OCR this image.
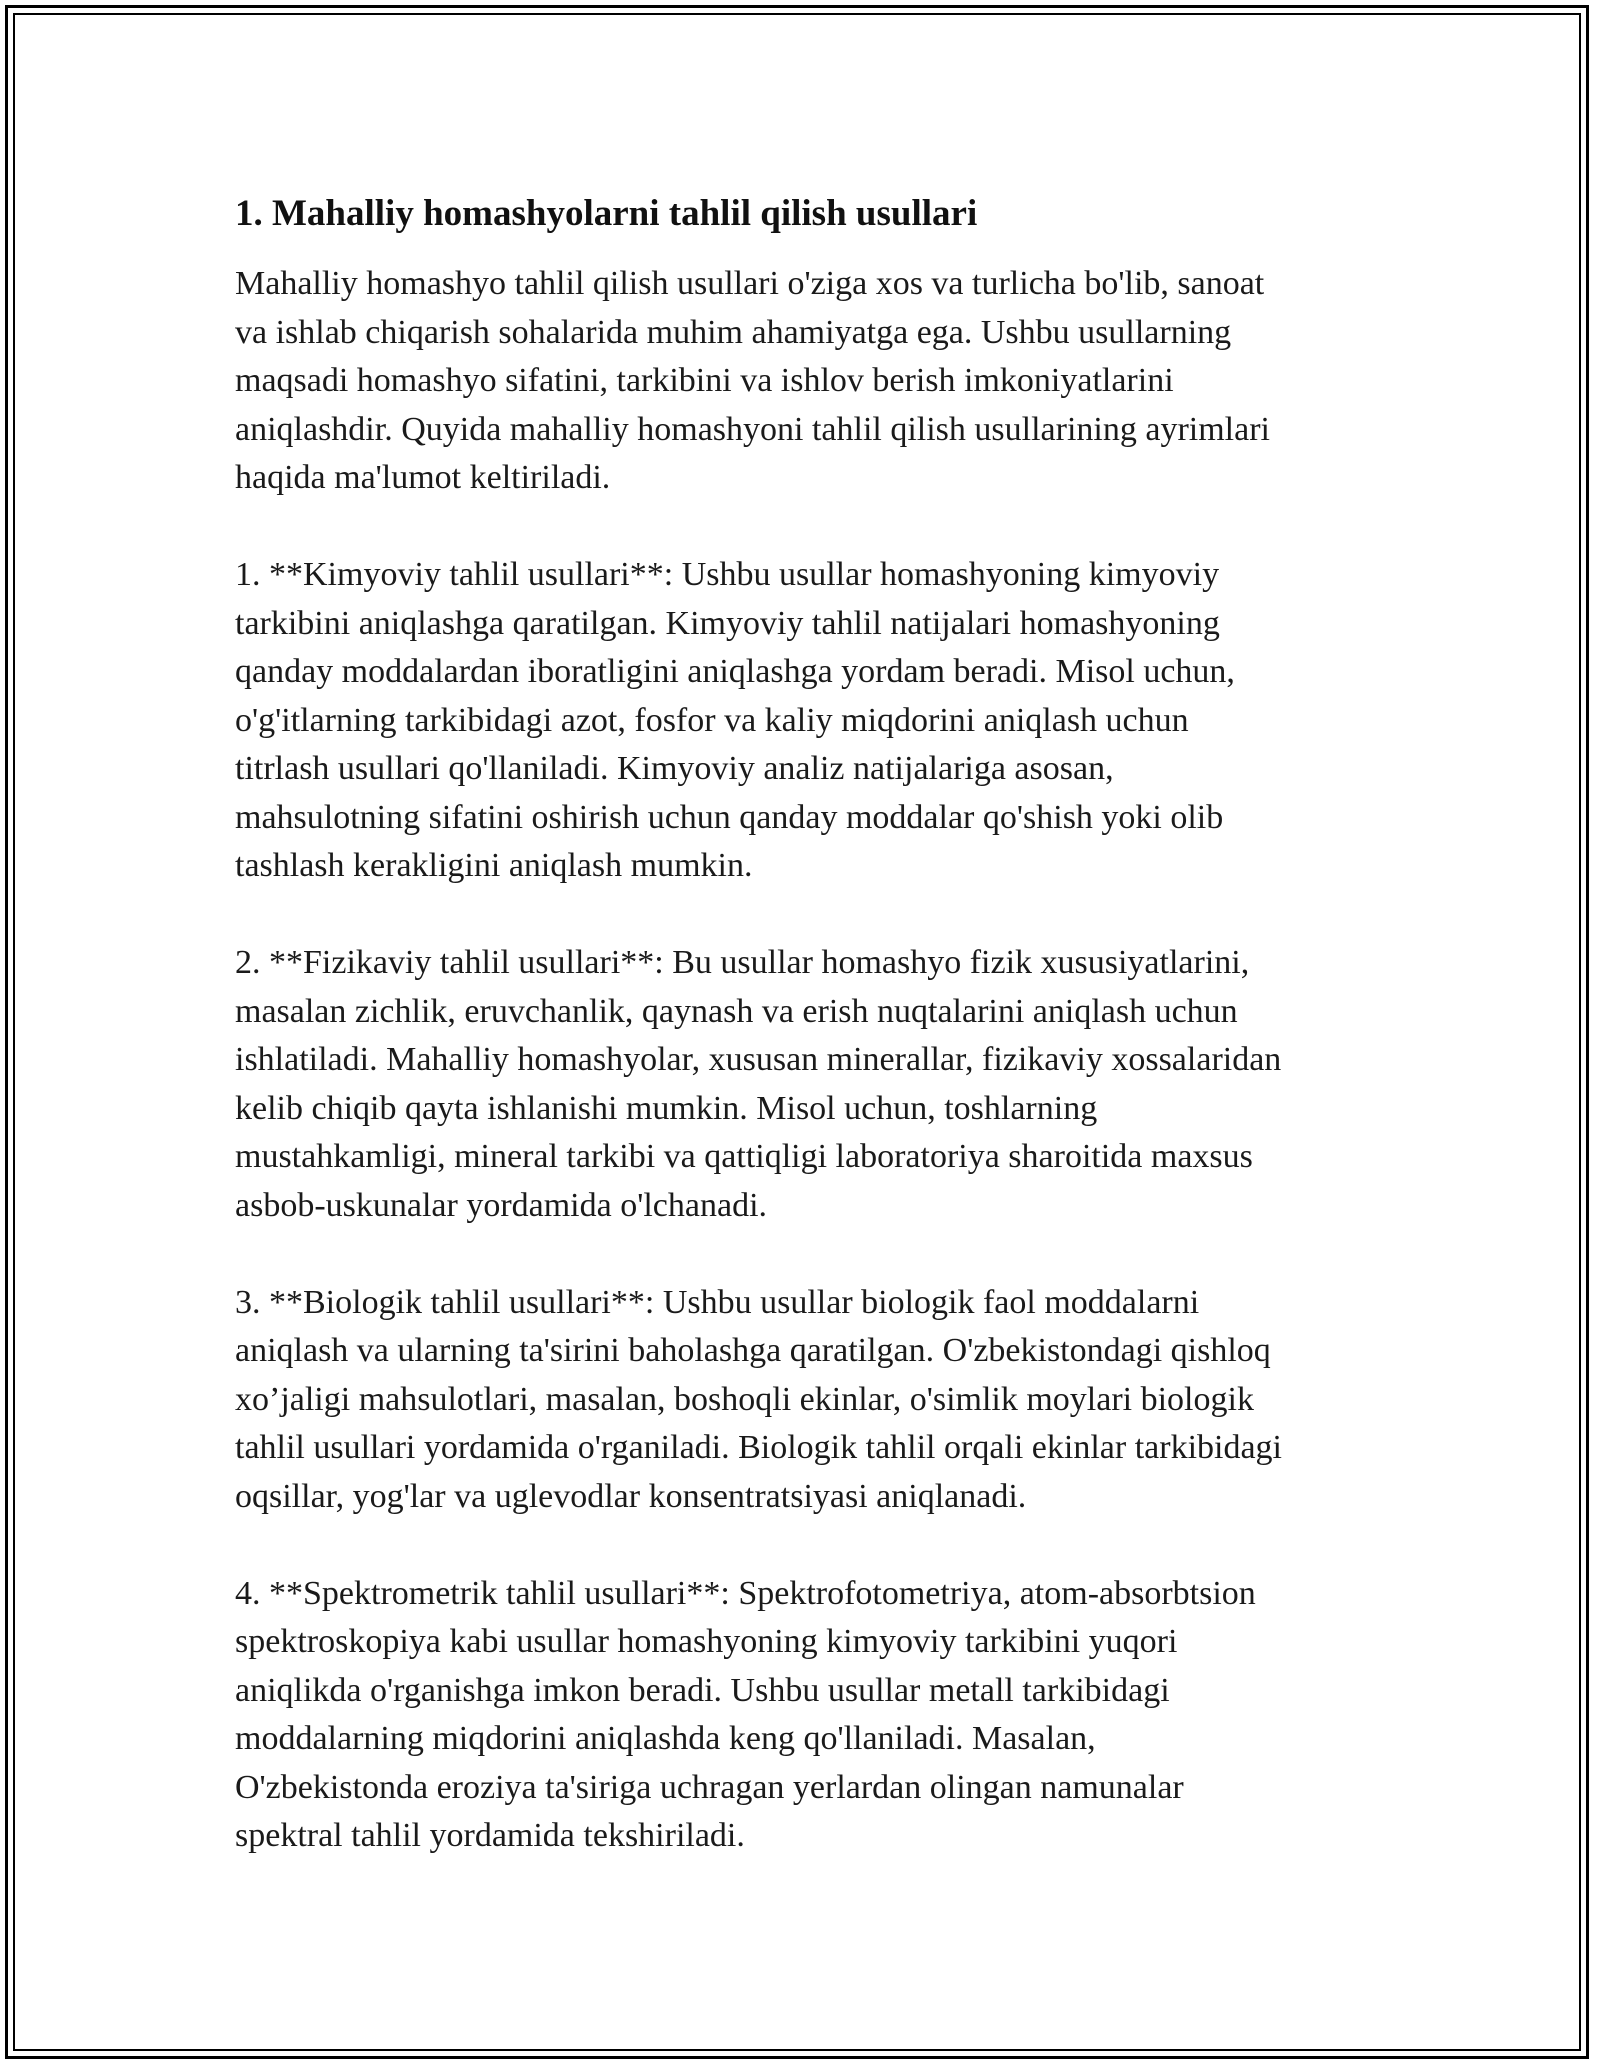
1. Mahalliy homashyolarni tahlil qilish usullari

Mahalliy homashyo tahlil qilish usullari o'ziga xos va turlicha bo'lib, sanoat
va ishlab chiqarish sohalarida muhim ahamiyatga ega. Ushbu usullarning
maqsadi homashyo sifatini, tarkibini va ishlov berish imkoniyatlarini
aniqlashdir. Quyida mahalliy homashyoni tahlil qilish usullarining ayrimlari
haqida ma'lumot keltiriladi.

1. **Kimyoviy tahlil usullari**: Ushbu usullar homashyoning kimyoviy
tarkibini aniqlashga qaratilgan. Kimyoviy tahlil natijalari homashyoning
qanday moddalardan iboratligini aniqlashga yordam beradi. Misol uchun,
o'g'itlarning tarkibidagi azot, fosfor va kaliy miqdorini aniqlash uchun
titrlash usullari qo'llaniladi. Kimyoviy analiz natijalariga asosan,
mahsulotning sifatini oshirish uchun qanday moddalar qo'shish yoki olib
tashlash kerakligini aniqlash mumkin.

2. **Fizikaviy tahlil usullari**: Bu usullar homashyo fizik xususiyatlarini,
masalan zichlik, eruvchanlik, qaynash va erish nuqtalarini aniqlash uchun
ishlatiladi. Mahalliy homashyolar, xususan minerallar, fizikaviy xossalaridan
kelib chiqib qayta ishlanishi mumkin. Misol uchun, toshlarning
mustahkamligi, mineral tarkibi va qattiqligi laboratoriya sharoitida maxsus
asbob-uskunalar yordamida o'lchanadi.

3. **Biologik tahlil usullari**: Ushbu usullar biologik faol moddalarni
aniqlash va ularning ta'sirini baholashga qaratilgan. O'zbekistondagi qishloq
xo’jaligi mahsulotlari, masalan, boshoqli ekinlar, o'simlik moylari biologik
tahlil usullari yordamida o'rganiladi. Biologik tahlil orqali ekinlar tarkibidagi
oqsillar, yog'lar va uglevodlar konsentratsiyasi aniqlanadi.

4. **Spektrometrik tahlil usullari**: Spektrofotometriya, atom-absorbtsion
spektroskopiya kabi usullar homashyoning kimyoviy tarkibini yuqori
aniqlikda o'rganishga imkon beradi. Ushbu usullar metall tarkibidagi
moddalarning miqdorini aniqlashda keng qo'llaniladi. Masalan,
O'zbekistonda eroziya ta'siriga uchragan yerlardan olingan namunalar
spektral tahlil yordamida tekshiriladi.
